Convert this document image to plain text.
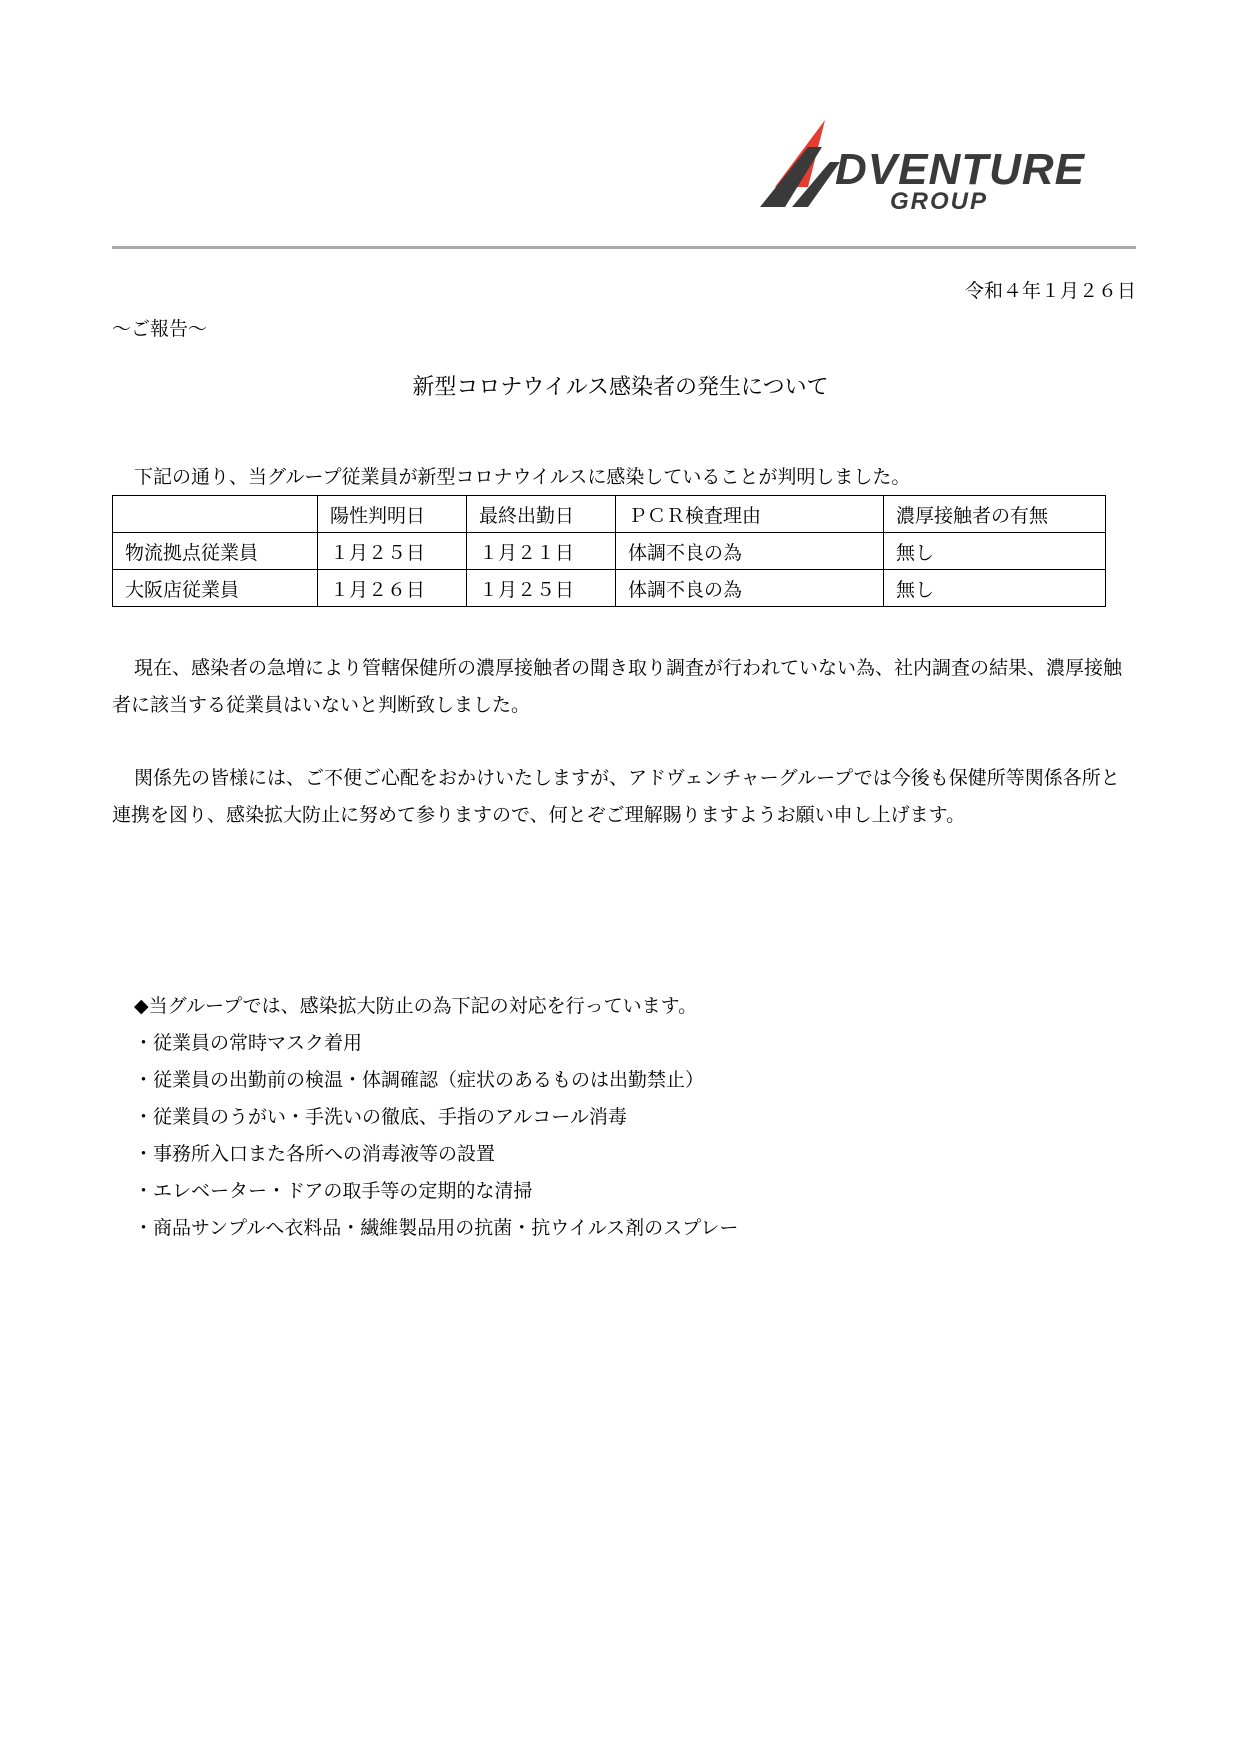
DVENTURE
GROUP
令和４年１月２６日
～ご報告～
新型コロナウイルス感染者の発生について
下記の通り、当グループ従業員が新型コロナウイルスに感染していることが判明しました。
	陽性判明日	最終出勤日	ＰＣＲ検査理由	濃厚接触者の有無
物流拠点従業員	１月２５日	１月２１日	体調不良の為	無し
大阪店従業員	１月２６日	１月２５日	体調不良の為	無し

現在、感染者の急増により管轄保健所の濃厚接触者の聞き取り調査が行われていない為、社内調査の結果、濃厚接触者に該当する従業員はいないと判断致しました。

関係先の皆様には、ご不便ご心配をおかけいたしますが、アドヴェンチャーグループでは今後も保健所等関係各所と連携を図り、感染拡大防止に努めて参りますので、何とぞご理解賜りますようお願い申し上げます。

◆当グループでは、感染拡大防止の為下記の対応を行っています。
・従業員の常時マスク着用
・従業員の出勤前の検温・体調確認（症状のあるものは出勤禁止）
・従業員のうがい・手洗いの徹底、手指のアルコール消毒
・事務所入口また各所への消毒液等の設置
・エレベーター・ドアの取手等の定期的な清掃
・商品サンプルへ衣料品・繊維製品用の抗菌・抗ウイルス剤のスプレー
